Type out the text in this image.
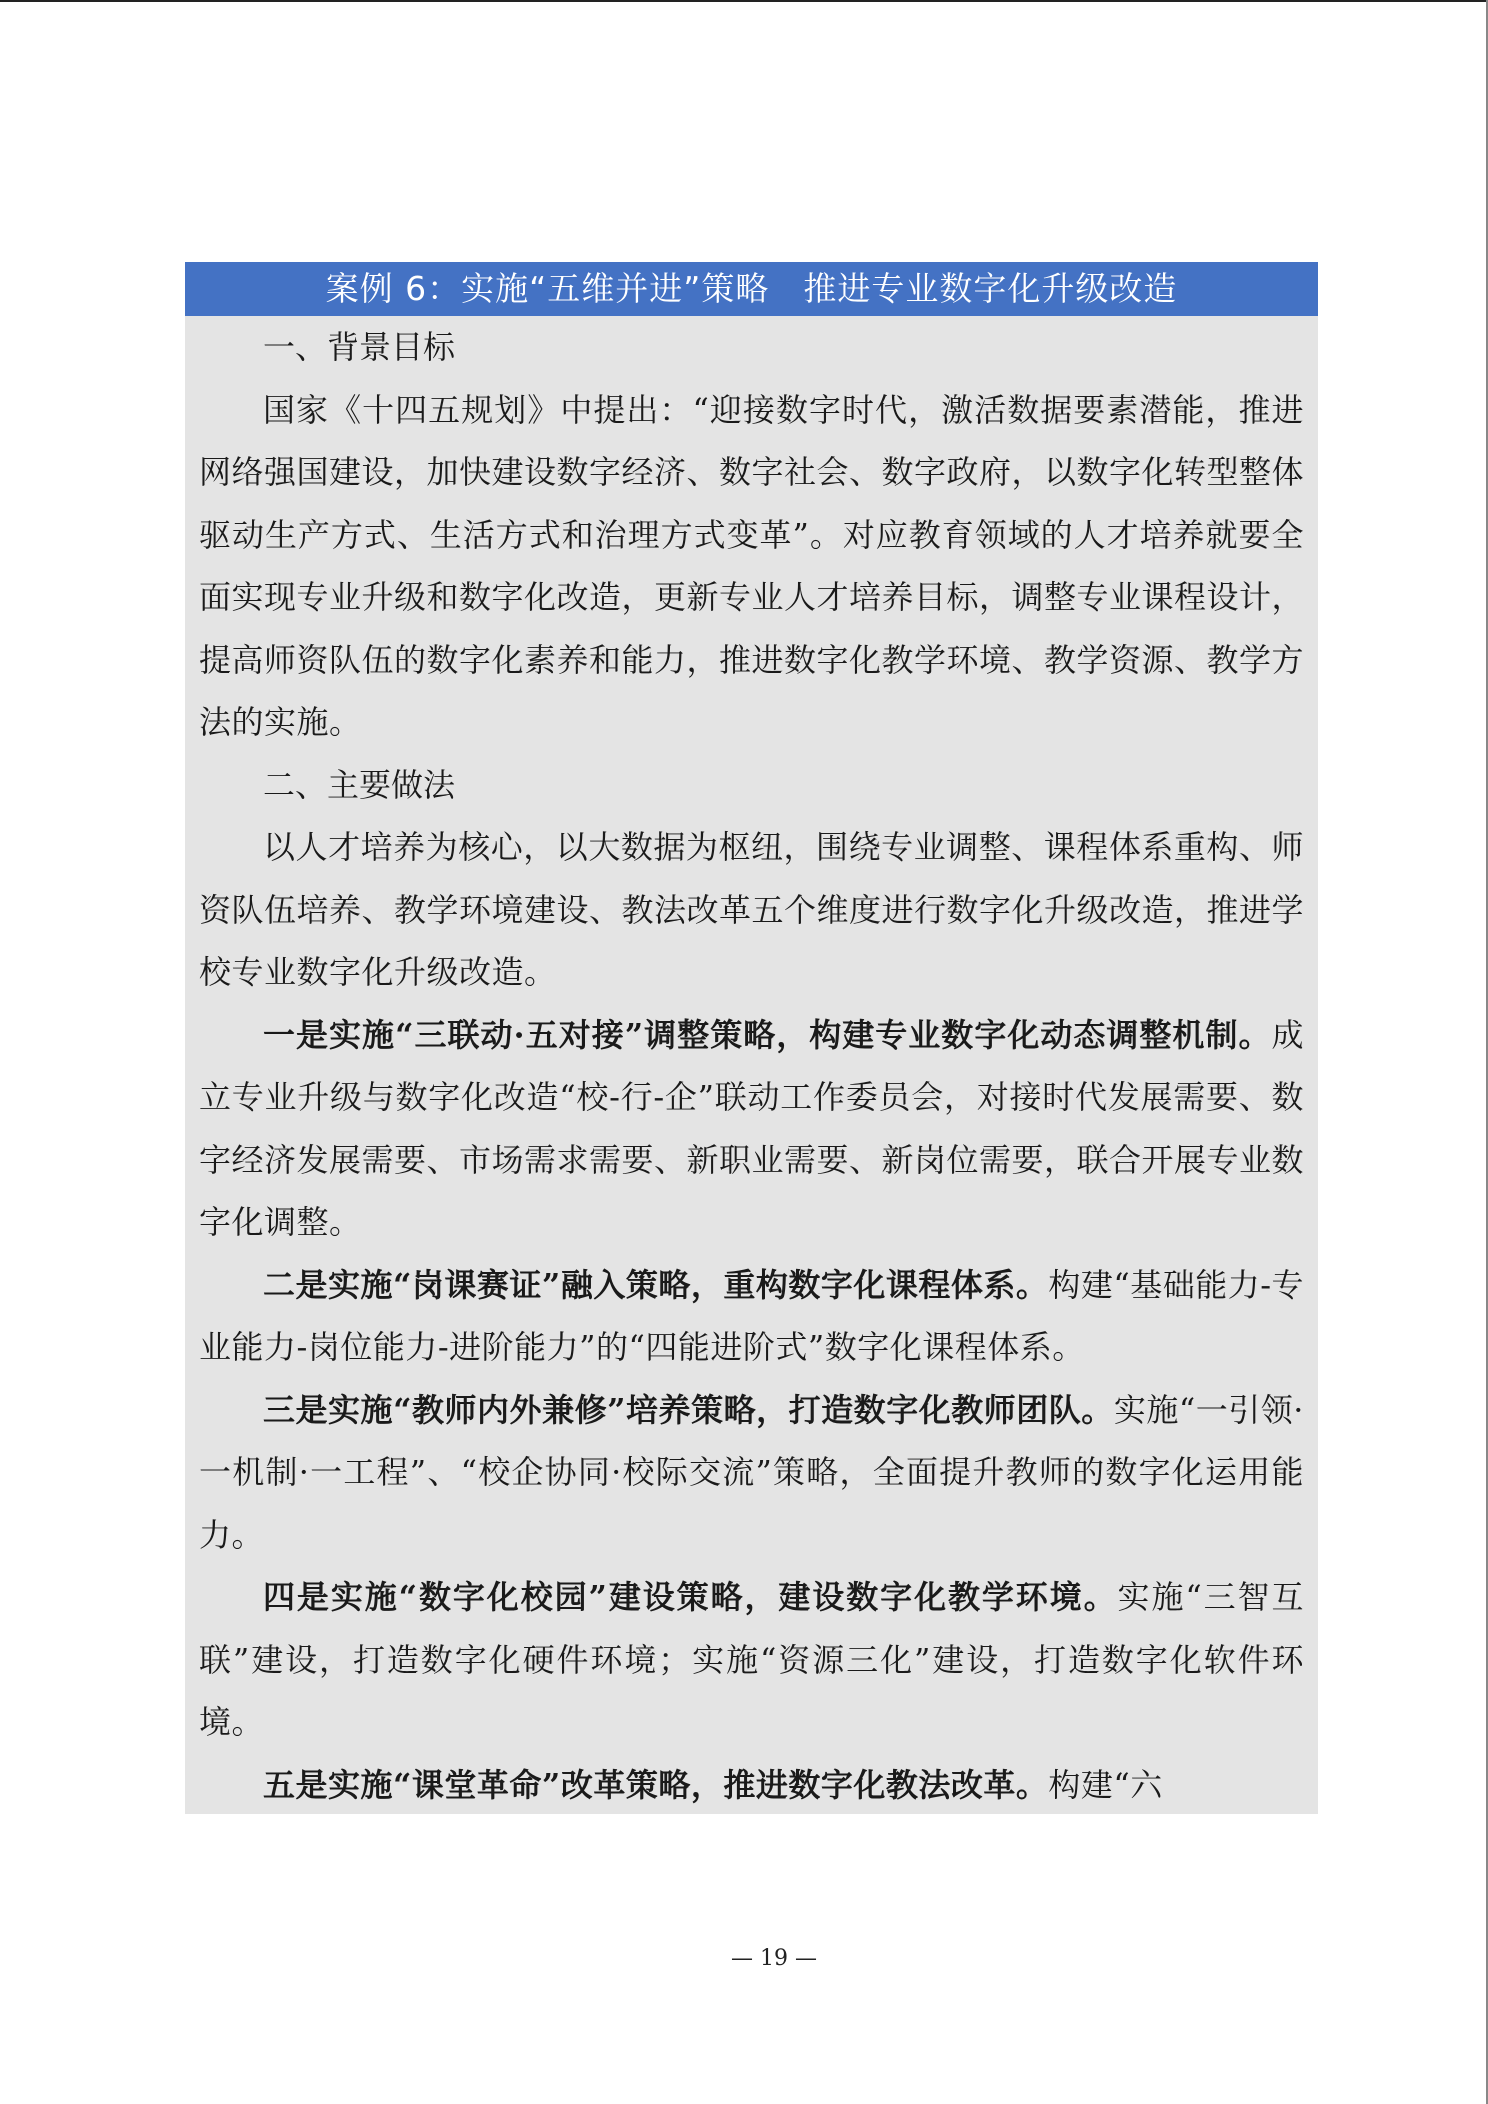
案例 6：实施“五维并进”策略　推进专业数字化升级改造

一、背景目标

国家《十四五规划》中提出：“迎接数字时代，激活数据要素潜能，推进网络强国建设，加快建设数字经济、数字社会、数字政府，以数字化转型整体驱动生产方式、生活方式和治理方式变革”。对应教育领域的人才培养就要全面实现专业升级和数字化改造，更新专业人才培养目标，调整专业课程设计，提高师资队伍的数字化素养和能力，推进数字化教学环境、教学资源、教学方法的实施。

二、主要做法

以人才培养为核心，以大数据为枢纽，围绕专业调整、课程体系重构、师资队伍培养、教学环境建设、教法改革五个维度进行数字化升级改造，推进学校专业数字化升级改造。

一是实施“三联动·五对接”调整策略，构建专业数字化动态调整机制。成立专业升级与数字化改造“校-行-企”联动工作委员会，对接时代发展需要、数字经济发展需要、市场需求需要、新职业需要、新岗位需要，联合开展专业数字化调整。

二是实施“岗课赛证”融入策略，重构数字化课程体系。构建“基础能力-专业能力-岗位能力-进阶能力”的“四能进阶式”数字化课程体系。

三是实施“教师内外兼修”培养策略，打造数字化教师团队。实施“一引领·一机制·一工程”、“校企协同·校际交流”策略，全面提升教师的数字化运用能力。

四是实施“数字化校园”建设策略，建设数字化教学环境。实施“三智互联”建设，打造数字化硬件环境；实施“资源三化”建设，打造数字化软件环境。

五是实施“课堂革命”改革策略，推进数字化教法改革。构建“六

— 19 —
